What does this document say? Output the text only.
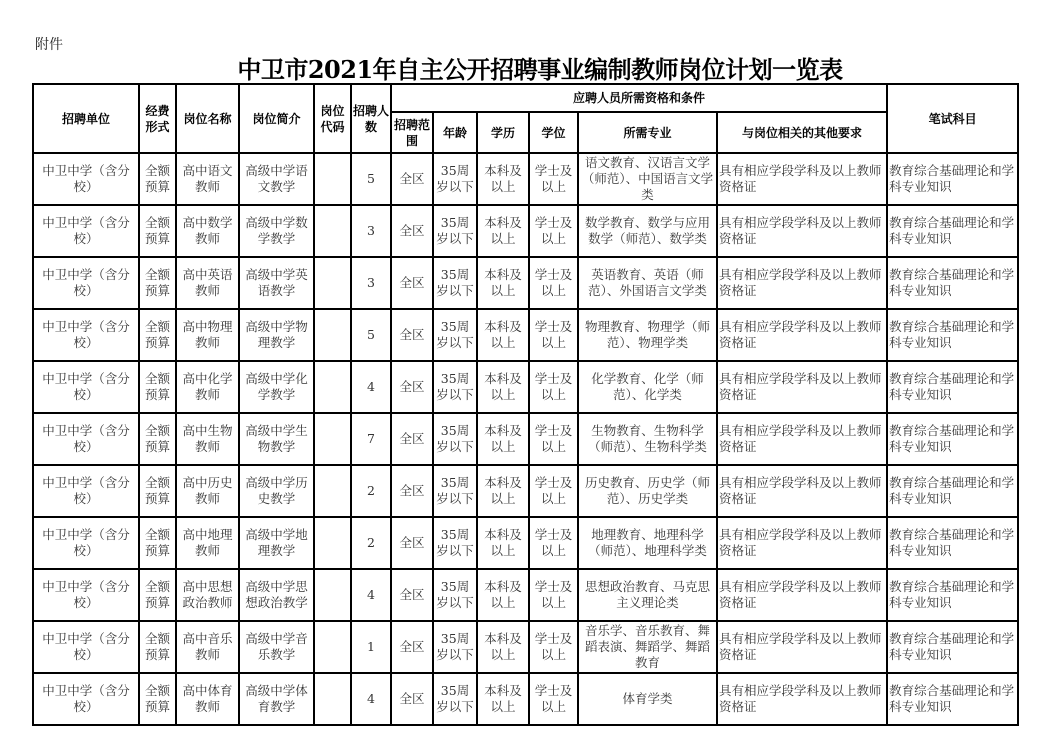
附件
中卫市2021年自主公开招聘事业编制教师岗位计划一览表
招聘单位	经费形式	岗位名称	岗位简介	岗位代码	招聘人数	应聘人员所需资格和条件						笔试科目
						招聘范围	年龄	学历	学位	所需专业	与岗位相关的其他要求	
中卫中学（含分校）	全额预算	高中语文教师	高级中学语文教学		5	全区	35周岁以下	本科及以上	学士及以上	语文教育、汉语言文学（师范）、中国语言文学类	具有相应学段学科及以上教师资格证	教育综合基础理论和学科专业知识
中卫中学（含分校）	全额预算	高中数学教师	高级中学数学教学		3	全区	35周岁以下	本科及以上	学士及以上	数学教育、数学与应用数学（师范）、数学类	具有相应学段学科及以上教师资格证	教育综合基础理论和学科专业知识
中卫中学（含分校）	全额预算	高中英语教师	高级中学英语教学		3	全区	35周岁以下	本科及以上	学士及以上	英语教育、英语（师范）、外国语言文学类	具有相应学段学科及以上教师资格证	教育综合基础理论和学科专业知识
中卫中学（含分校）	全额预算	高中物理教师	高级中学物理教学		5	全区	35周岁以下	本科及以上	学士及以上	物理教育、物理学（师范）、物理学类	具有相应学段学科及以上教师资格证	教育综合基础理论和学科专业知识
中卫中学（含分校）	全额预算	高中化学教师	高级中学化学教学		4	全区	35周岁以下	本科及以上	学士及以上	化学教育、化学（师范）、化学类	具有相应学段学科及以上教师资格证	教育综合基础理论和学科专业知识
中卫中学（含分校）	全额预算	高中生物教师	高级中学生物教学		7	全区	35周岁以下	本科及以上	学士及以上	生物教育、生物科学（师范）、生物科学类	具有相应学段学科及以上教师资格证	教育综合基础理论和学科专业知识
中卫中学（含分校）	全额预算	高中历史教师	高级中学历史教学		2	全区	35周岁以下	本科及以上	学士及以上	历史教育、历史学（师范）、历史学类	具有相应学段学科及以上教师资格证	教育综合基础理论和学科专业知识
中卫中学（含分校）	全额预算	高中地理教师	高级中学地理教学		2	全区	35周岁以下	本科及以上	学士及以上	地理教育、地理科学（师范）、地理科学类	具有相应学段学科及以上教师资格证	教育综合基础理论和学科专业知识
中卫中学（含分校）	全额预算	高中思想政治教师	高级中学思想政治教学		4	全区	35周岁以下	本科及以上	学士及以上	思想政治教育、马克思主义理论类	具有相应学段学科及以上教师资格证	教育综合基础理论和学科专业知识
中卫中学（含分校）	全额预算	高中音乐教师	高级中学音乐教学		1	全区	35周岁以下	本科及以上	学士及以上	音乐学、音乐教育、舞蹈表演、舞蹈学、舞蹈教育	具有相应学段学科及以上教师资格证	教育综合基础理论和学科专业知识
中卫中学（含分校）	全额预算	高中体育教师	高级中学体育教学		4	全区	35周岁以下	本科及以上	学士及以上	体育学类	具有相应学段学科及以上教师资格证	教育综合基础理论和学科专业知识
